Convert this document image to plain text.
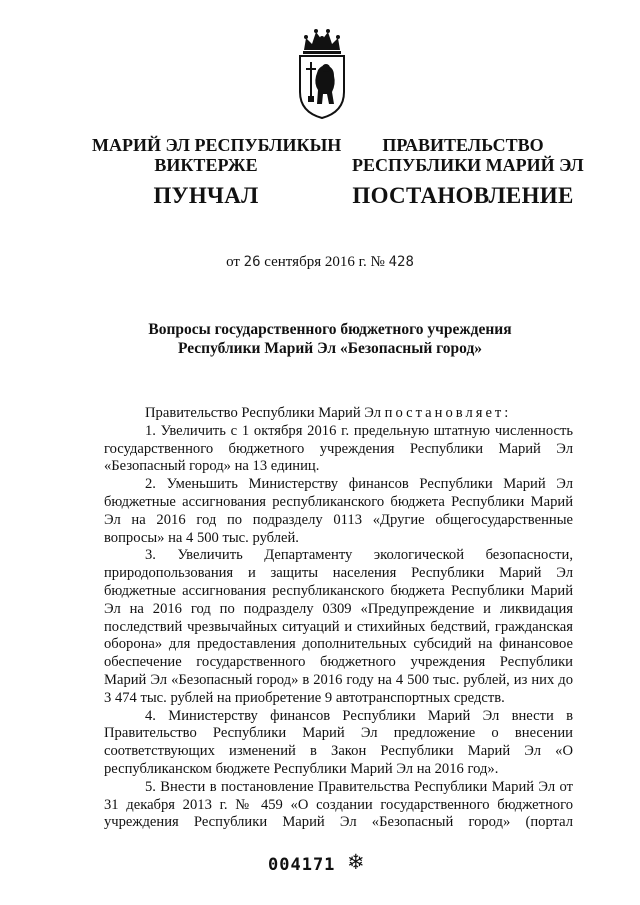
МАРИЙ ЭЛ РЕСПУБЛИКЫН
ВИКТЕРЖЕ
ПУНЧАЛ
ПРАВИТЕЛЬСТВО
РЕСПУБЛИКИ МАРИЙ ЭЛ
ПОСТАНОВЛЕНИЕ
от 26 сентября 2016 г. № 428
Вопросы государственного бюджетного учреждения
Республики Марий Эл «Безопасный город»

Правительство Республики Марий Эл постановляет:

1. Увеличить с 1 октября 2016 г. предельную штатную численность государственного бюджетного учреждения Республики Марий Эл «Безопасный город» на 13 единиц.

2. Уменьшить Министерству финансов Республики Марий Эл бюджетные ассигнования республиканского бюджета Республики Марий Эл на 2016 год по подразделу 0113 «Другие общегосударственные вопросы» на 4 500 тыс. рублей.

3. Увеличить Департаменту экологической безопасности, природопользования и защиты населения Республики Марий Эл бюджетные ассигнования республиканского бюджета Республики Марий Эл на 2016 год по подразделу 0309 «Предупреждение и ликвидация последствий чрезвычайных ситуаций и стихийных бедствий, гражданская оборона» для предоставления дополнительных субсидий на финансовое обеспечение государственного бюджетного учреждения Республики Марий Эл «Безопасный город» в 2016 году на 4 500 тыс. рублей, из них до 3 474 тыс. рублей на приобретение 9 автотранспортных средств.

4. Министерству финансов Республики Марий Эл внести в Правительство Республики Марий Эл предложение о внесении соответствующих изменений в Закон Республики Марий Эл «О республиканском бюджете Республики Марий Эл на 2016 год».

5. Внести в постановление Правительства Республики Марий Эл от 31 декабря 2013 г. № 459 «О создании государственного бюджетного учреждения Республики Марий Эл «Безопасный город» (портал

004171 ❄
